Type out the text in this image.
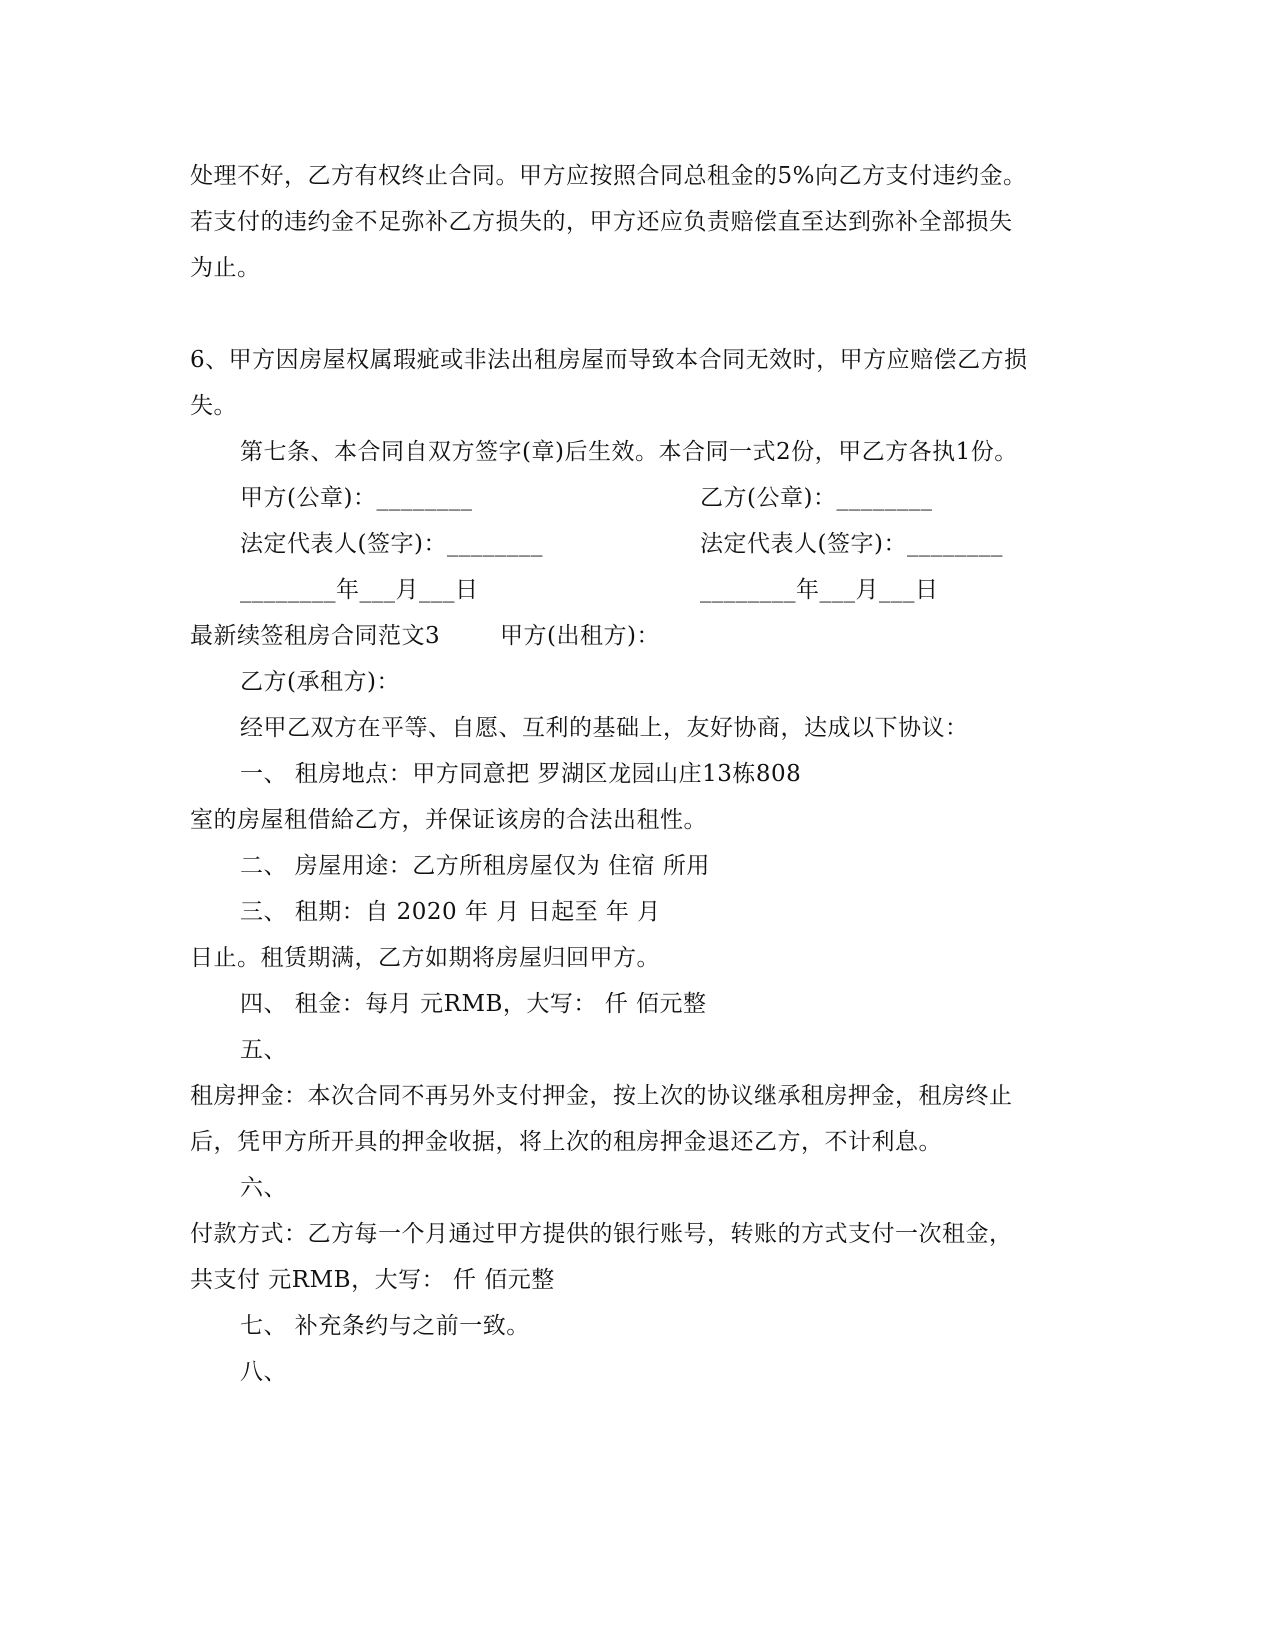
处理不好，乙方有权终止合同。甲方应按照合同总租金的5%向乙方支付违约金。
若支付的违约金不足弥补乙方损失的，甲方还应负责赔偿直至达到弥补全部损失
为止。
6、甲方因房屋权属瑕疵或非法出租房屋而导致本合同无效时，甲方应赔偿乙方损
失。
第七条、本合同自双方签字(章)后生效。本合同一式2份，甲乙方各执1份。
甲方(公章)：________	乙方(公章)：________
法定代表人(签字)：________	法定代表人(签字)：________
________年___月___日	________年___月___日
最新续签租房合同范文3	甲方(出租方)：
乙方(承租方)：
经甲乙双方在平等、自愿、互利的基础上，友好协商，达成以下协议：
一、 租房地点：甲方同意把 罗湖区龙园山庄13栋808
室的房屋租借給乙方，并保证该房的合法出租性。
二、 房屋用途：乙方所租房屋仅为 住宿 所用
三、 租期：自 2020 年 月 日起至 年 月
日止。租赁期满，乙方如期将房屋归回甲方。
四、 租金：每月 元RMB，大写： 仟 佰元整
五、
租房押金：本次合同不再另外支付押金，按上次的协议继承租房押金，租房终止
后，凭甲方所开具的押金收据，将上次的租房押金退还乙方，不计利息。
六、
付款方式：乙方每一个月通过甲方提供的银行账号，转账的方式支付一次租金，
共支付 元RMB，大写： 仟 佰元整
七、 补充条约与之前一致。
八、
